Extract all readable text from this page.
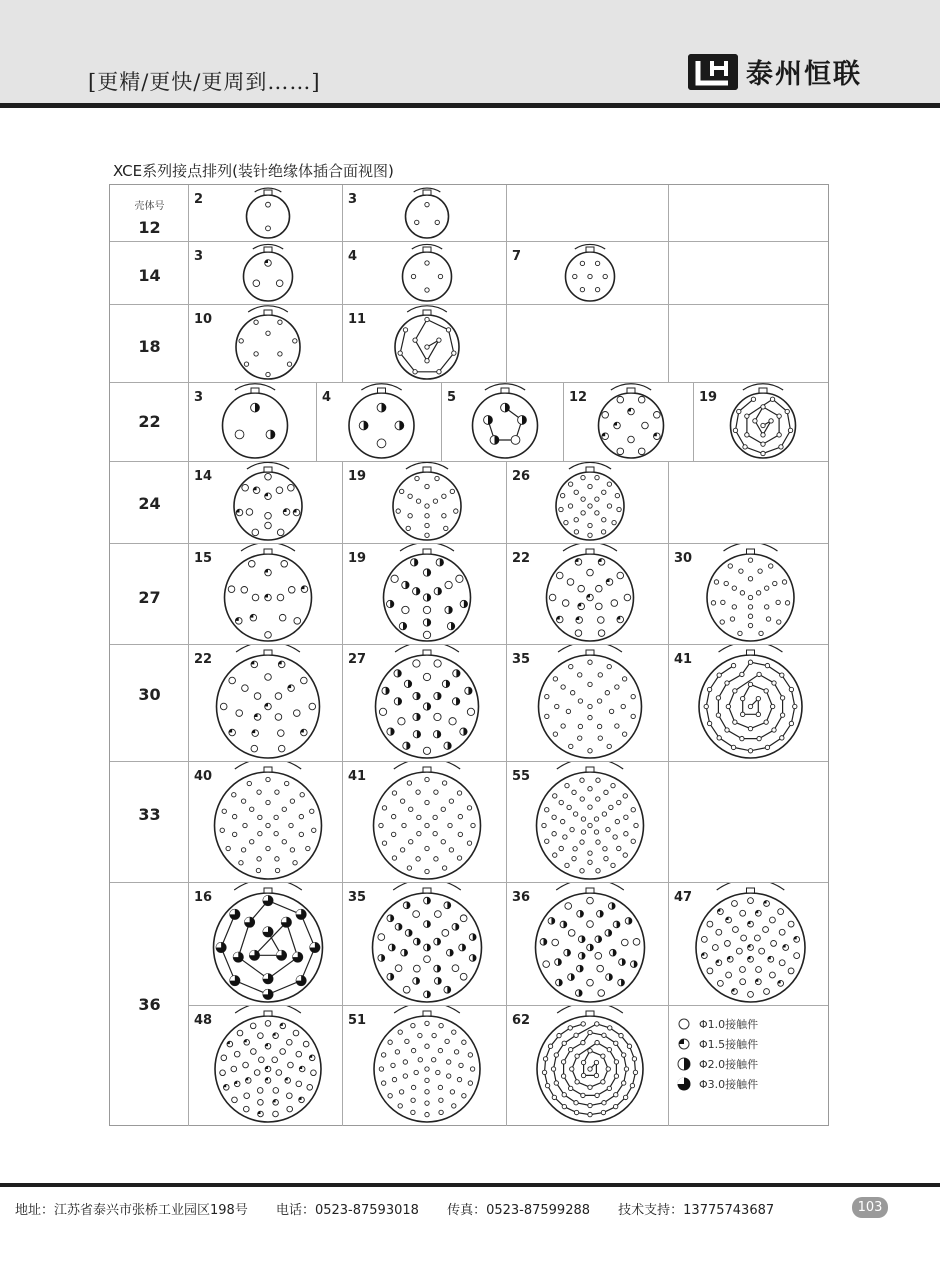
[更精/更快/更周到……]	泰州恒联
XCE系列接点排列(装针绝缘体插合面视图)
壳体号
12
2	3
14
3	4	7
18
10	11
22
3	4	5	12	19
24
14	19	26
27
15	19	22	30
30
22	27	35	41
33
40	41	55
36
16	35	36	47
48	51	62	Φ1.0接触件
Φ1.5接触件
Φ2.0接触件
Φ3.0接触件
地址：江苏省泰兴市张桥工业园区198号 电话：0523-87593018 传真：0523-87599288 技术支持：13775743687	103
